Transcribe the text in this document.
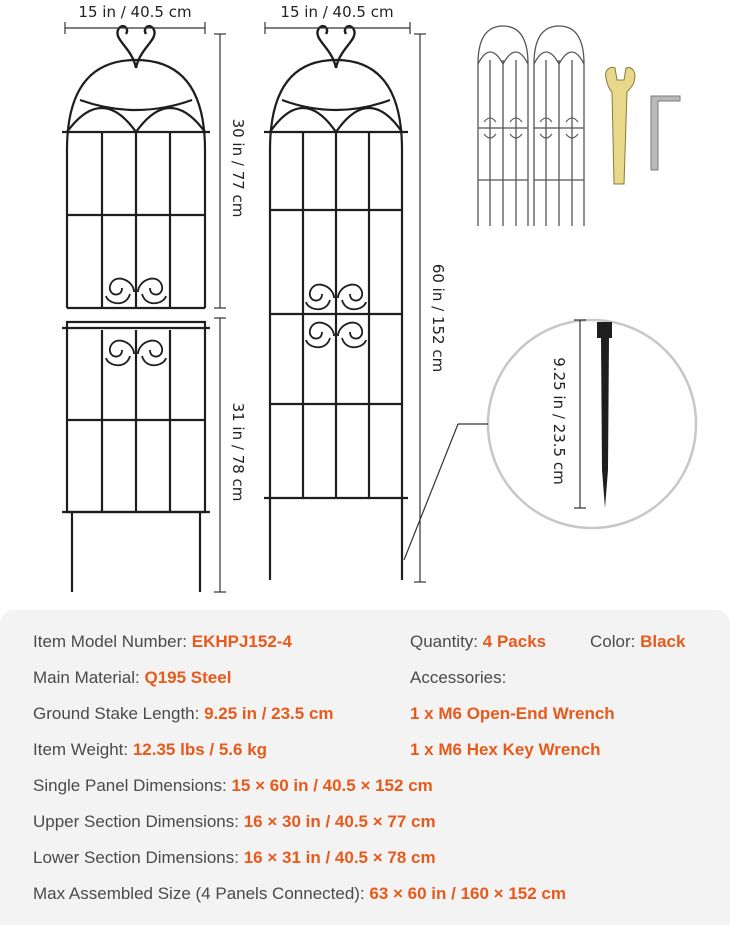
15 in / 40.5 cm	15 in / 40.5 cm
30 in / 77 cm
31 in / 78 cm
60 in / 152 cm
9.25 in / 23.5 cm
Item Model Number: EKHPJ152-4	Quantity: 4 Packs	Color: Black
Main Material: Q195 Steel	Accessories:
Ground Stake Length: 9.25 in / 23.5 cm	1 x M6 Open-End Wrench
Item Weight: 12.35 lbs / 5.6 kg	1 x M6 Hex Key Wrench
Single Panel Dimensions: 15 × 60 in / 40.5 × 152 cm
Upper Section Dimensions: 16 × 30 in / 40.5 × 77 cm
Lower Section Dimensions: 16 × 31 in / 40.5 × 78 cm
Max Assembled Size (4 Panels Connected): 63 × 60 in / 160 × 152 cm
